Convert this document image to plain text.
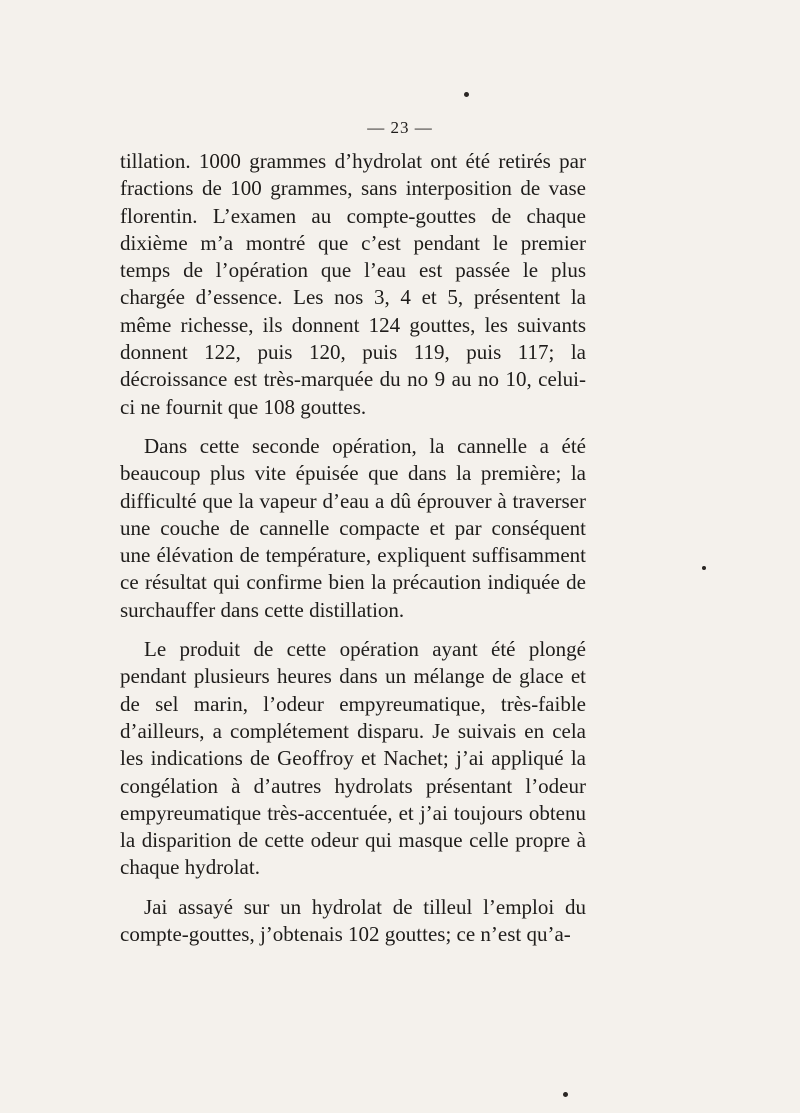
— 23 —

tillation. 1000 grammes d’hydrolat ont été retirés par fractions de 100 grammes, sans interposition de vase florentin. L’examen au compte-gouttes de chaque dixième m’a montré que c’est pendant le premier temps de l’opération que l’eau est passée le plus chargée d’essence. Les nos 3, 4 et 5, présentent la même richesse, ils donnent 124 gouttes, les suivants donnent 122, puis 120, puis 119, puis 117; la décroissance est très-marquée du no 9 au no 10, celui-ci ne fournit que 108 gouttes.

Dans cette seconde opération, la cannelle a été beaucoup plus vite épuisée que dans la première; la difficulté que la vapeur d’eau a dû éprouver à traverser une couche de cannelle compacte et par conséquent une élévation de température, expliquent suffisamment ce résultat qui confirme bien la précaution indiquée de surchauffer dans cette distillation.

Le produit de cette opération ayant été plongé pendant plusieurs heures dans un mélange de glace et de sel marin, l’odeur empyreumatique, très-faible d’ailleurs, a complétement disparu. Je suivais en cela les indications de Geoffroy et Nachet; j’ai appliqué la congélation à d’autres hydrolats présentant l’odeur empyreumatique très-accentuée, et j’ai toujours obtenu la disparition de cette odeur qui masque celle propre à chaque hydrolat.

Jai assayé sur un hydrolat de tilleul l’emploi du compte-gouttes, j’obtenais 102 gouttes; ce n’est qu’a-
